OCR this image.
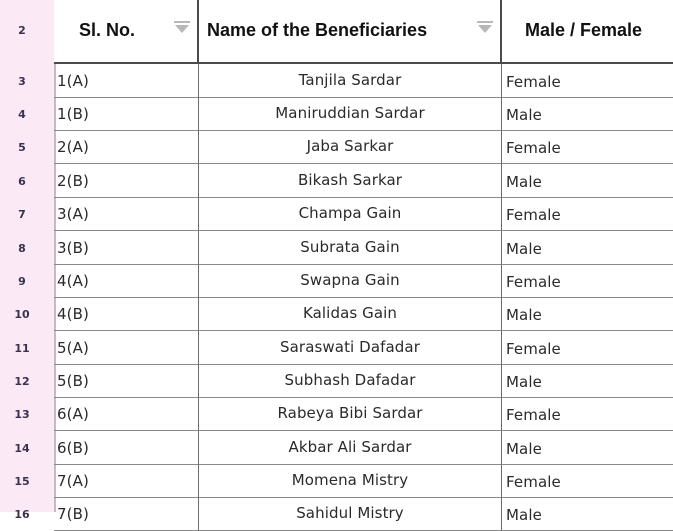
2	Sl. No.	Name of the Beneficiaries	Male / Female
3	1(A)	Tanjila Sardar	Female
4	1(B)	Maniruddian Sardar	Male
5	2(A)	Jaba Sarkar	Female
6	2(B)	Bikash Sarkar	Male
7	3(A)	Champa Gain	Female
8	3(B)	Subrata Gain	Male
9	4(A)	Swapna Gain	Female
10	4(B)	Kalidas Gain	Male
11	5(A)	Saraswati Dafadar	Female
12	5(B)	Subhash Dafadar	Male
13	6(A)	Rabeya Bibi Sardar	Female
14	6(B)	Akbar Ali Sardar	Male
15	7(A)	Momena Mistry	Female
16	7(B)	Sahidul Mistry	Male
